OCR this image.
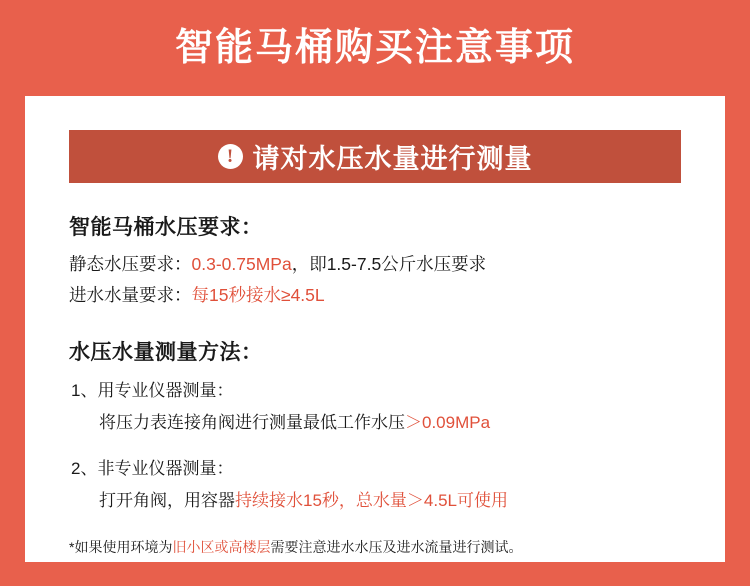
智能马桶购买注意事项
! 请对水压水量进行测量
智能马桶水压要求：
静态水压要求：0.3-0.75MPa，即1.5-7.5公斤水压要求
进水水量要求：每15秒接水≥4.5L
水压水量测量方法：
1、用专业仪器测量：
将压力表连接角阀进行测量最低工作水压＞0.09MPa
2、非专业仪器测量：
打开角阀，用容器持续接水15秒，总水量＞4.5L可使用
*如果使用环境为旧小区或高楼层需要注意进水水压及进水流量进行测试。
